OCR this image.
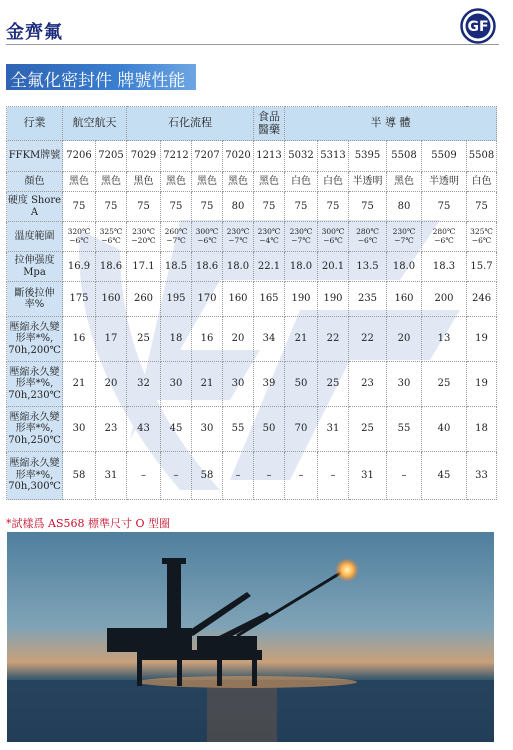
金齊氟	GF
全氟化密封件 牌號性能
行業	航空航天		石化流程				食品醫藥	半 導 體					
FFKM牌號	7206	7205	7029	7212	7207	7020	1213	5032	5313	5395	5508	5509	5508
顏色	黑色	黑色	黑色	黑色	黑色	黑色	黑色	白色	白色	半透明	黑色	半透明	白色
硬度 Shore A	75	75	75	75	75	80	75	75	75	75	80	75	75
溫度範圍	320℃ −6℃	325℃ −6℃	230℃ −20℃	260℃ −7℃	300℃ −6℃	230℃ −7℃	230℃ −4℃	230℃ −7℃	300℃ −6℃	280℃ −6℃	230℃ −7℃	280℃ −6℃	325℃ −6℃
拉伸强度 Mpa	16.9	18.6	17.1	18.5	18.6	18.0	22.1	18.0	20.1	13.5	18.0	18.3	15.7
斷後拉伸 率%	175	160	260	195	170	160	165	190	190	235	160	200	246
壓縮永久變 形率*%, 70h,200℃	16	17	25	18	16	20	34	21	22	22	20	13	19
壓縮永久變 形率*%, 70h,230℃	21	20	32	30	21	30	39	50	25	23	30	25	19
壓縮永久變 形率*%, 70h,250℃	30	23	43	45	30	55	50	70	31	25	55	40	18
壓縮永久變 形率*%, 70h,300℃	58	31	–	–	58	–	–	–	–	31	–	45	33
*試樣爲 AS568 標準尺寸 O 型圈
